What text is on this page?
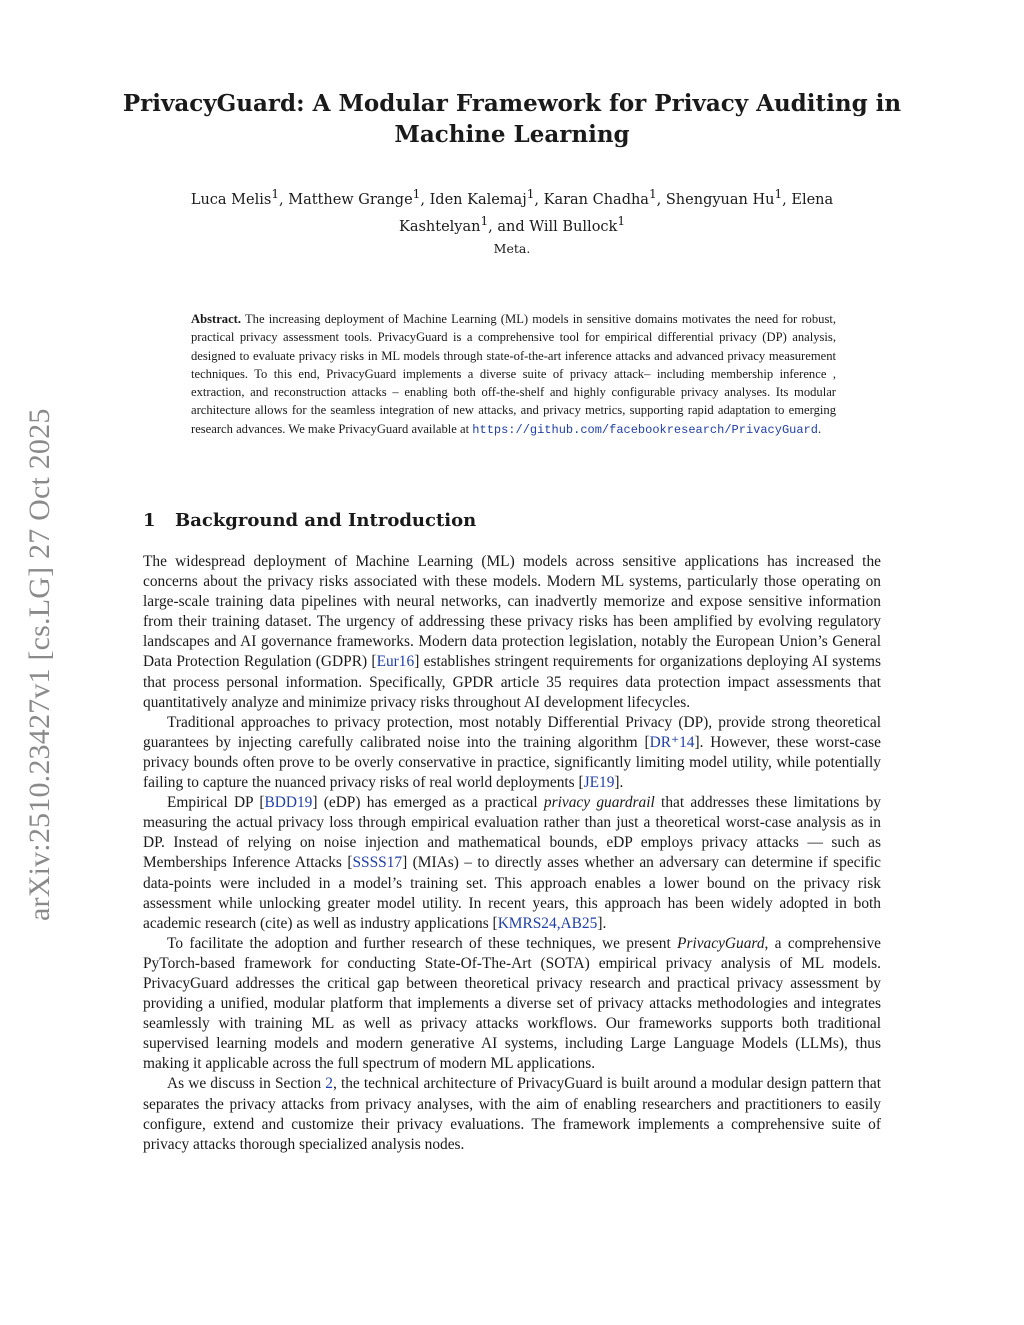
arXiv:2510.23427v1 [cs.LG] 27 Oct 2025
PrivacyGuard: A Modular Framework for Privacy Auditing in Machine Learning
Luca Melis$^1$, Matthew Grange$^1$, Iden Kalemaj$^1$, Karan Chadha$^1$, Shengyuan Hu$^1$, Elena Kashtelyan$^1$, and Will Bullock$^1$
Meta.
Abstract. The increasing deployment of Machine Learning (ML) models in sensitive domains motivates the need for robust, practical privacy assessment tools. PrivacyGuard is a comprehensive tool for empirical differential privacy (DP) analysis, designed to evaluate privacy risks in ML models through state-of-the-art inference attacks and advanced privacy measurement techniques. To this end, PrivacyGuard implements a diverse suite of privacy attack– including membership inference , extraction, and reconstruction attacks – enabling both off-the-shelf and highly configurable privacy analyses. Its modular architecture allows for the seamless integration of new attacks, and privacy metrics, supporting rapid adaptation to emerging research advances. We make PrivacyGuard available at https://github.com/facebookresearch/PrivacyGuard.
1 Background and Introduction

The widespread deployment of Machine Learning (ML) models across sensitive applications has increased the concerns about the privacy risks associated with these models. Modern ML systems, particularly those operating on large-scale training data pipelines with neural networks, can inadvertly memorize and expose sensitive information from their training dataset. The urgency of addressing these privacy risks has been amplified by evolving regulatory landscapes and AI governance frameworks. Modern data protection legislation, notably the European Union’s General Data Protection Regulation (GDPR) [Eur16] establishes stringent requirements for organizations deploying AI systems that process personal information. Specifically, GPDR article 35 requires data protection impact assessments that quantitatively analyze and minimize privacy risks throughout AI development lifecycles.

Traditional approaches to privacy protection, most notably Differential Privacy (DP), provide strong theoretical guarantees by injecting carefully calibrated noise into the training algorithm [DR⁺14]. However, these worst-case privacy bounds often prove to be overly conservative in practice, significantly limiting model utility, while potentially failing to capture the nuanced privacy risks of real world deployments [JE19].

Empirical DP [BDD19] (eDP) has emerged as a practical privacy guardrail that addresses these limitations by measuring the actual privacy loss through empirical evaluation rather than just a theoretical worst-case analysis as in DP. Instead of relying on noise injection and mathematical bounds, eDP employs privacy attacks — such as Memberships Inference Attacks [SSSS17] (MIAs) – to directly asses whether an adversary can determine if specific data-points were included in a model’s training set. This approach enables a lower bound on the privacy risk assessment while unlocking greater model utility. In recent years, this approach has been widely adopted in both academic research (cite) as well as industry applications [KMRS24,AB25].

To facilitate the adoption and further research of these techniques, we present PrivacyGuard, a comprehensive PyTorch-based framework for conducting State-Of-The-Art (SOTA) empirical privacy analysis of ML models. PrivacyGuard addresses the critical gap between theoretical privacy research and practical privacy assessment by providing a unified, modular platform that implements a diverse set of privacy attacks methodologies and integrates seamlessly with training ML as well as privacy attacks workflows. Our frameworks supports both traditional supervised learning models and modern generative AI systems, including Large Language Models (LLMs), thus making it applicable across the full spectrum of modern ML applications.

As we discuss in Section 2, the technical architecture of PrivacyGuard is built around a modular design pattern that separates the privacy attacks from privacy analyses, with the aim of enabling researchers and practitioners to easily configure, extend and customize their privacy evaluations. The framework implements a comprehensive suite of privacy attacks thorough specialized analysis nodes.
